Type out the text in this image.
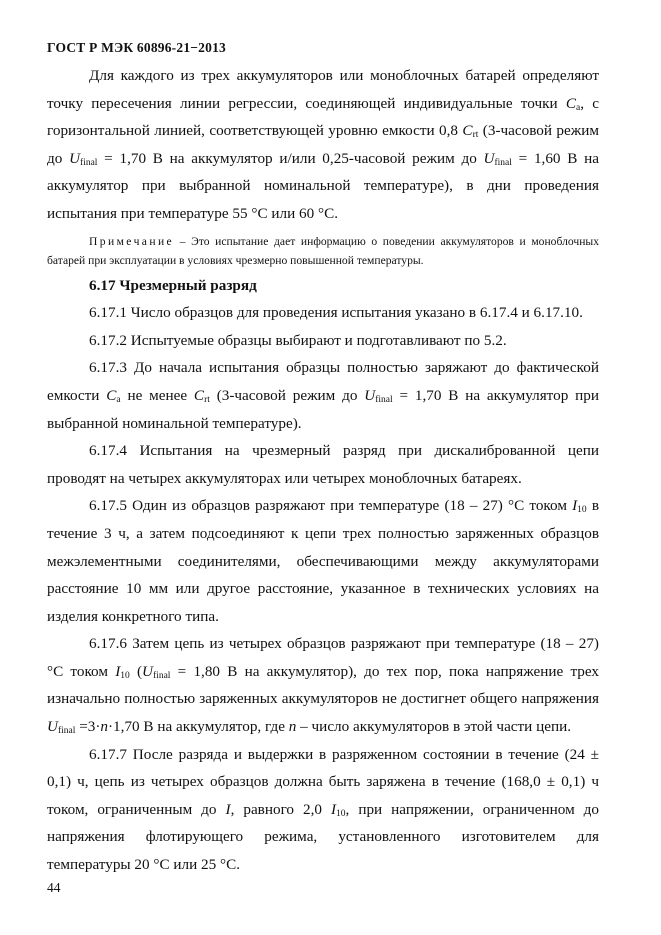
ГОСТ Р МЭК 60896-21−2013

Для каждого из трех аккумуляторов или моноблочных батарей определяют точку пересечения линии регрессии, соединяющей индивидуальные точки $C_a$, с горизонтальной линией, соответствующей уровню емкости 0,8 $C_{rt}$ (3-часовой режим до $U_{final} = 1,70$ В на аккумулятор и/или 0,25-часовой режим до $U_{final} = 1,60$ В на аккумулятор при выбранной номинальной температуре), в дни проведения испытания при температуре 55 °С или 60 °С.

Примечание – Это испытание дает информацию о поведении аккумуляторов и моноблочных батарей при эксплуатации в условиях чрезмерно повышенной температуры.

6.17 Чрезмерный разряд

6.17.1 Число образцов для проведения испытания указано в 6.17.4 и 6.17.10.

6.17.2 Испытуемые образцы выбирают и подготавливают по 5.2.

6.17.3 До начала испытания образцы полностью заряжают до фактической емкости $C_a$ не менее $C_{rt}$ (3-часовой режим до $U_{final} = 1,70$ В на аккумулятор при выбранной номинальной температуре).

6.17.4 Испытания на чрезмерный разряд при дискалиброванной цепи проводят на четырех аккумуляторах или четырех моноблочных батареях.

6.17.5 Один из образцов разряжают при температуре (18 – 27) °С током $I_{10}$ в течение 3 ч, а затем подсоединяют к цепи трех полностью заряженных образцов межэлементными соединителями, обеспечивающими между аккумуляторами расстояние 10 мм или другое расстояние, указанное в технических условиях на изделия конкретного типа.

6.17.6 Затем цепь из четырех образцов разряжают при температуре (18 – 27) °С током $I_{10}$ ($U_{final} = 1,80$ В на аккумулятор), до тех пор, пока напряжение трех изначально полностью заряженных аккумуляторов не достигнет общего напряжения $U_{final} =3\cdot n\cdot 1,70$ В на аккумулятор, где n – число аккумуляторов в этой части цепи.

6.17.7 После разряда и выдержки в разряженном состоянии в течение (24 ± 0,1) ч, цепь из четырех образцов должна быть заряжена в течение (168,0 ± 0,1) ч током, ограниченным до I, равного 2,0 $I_{10}$, при напряжении, ограниченном до напряжения флотирующего режима, установленного изготовителем для температуры 20 °С или 25 °С.

44
